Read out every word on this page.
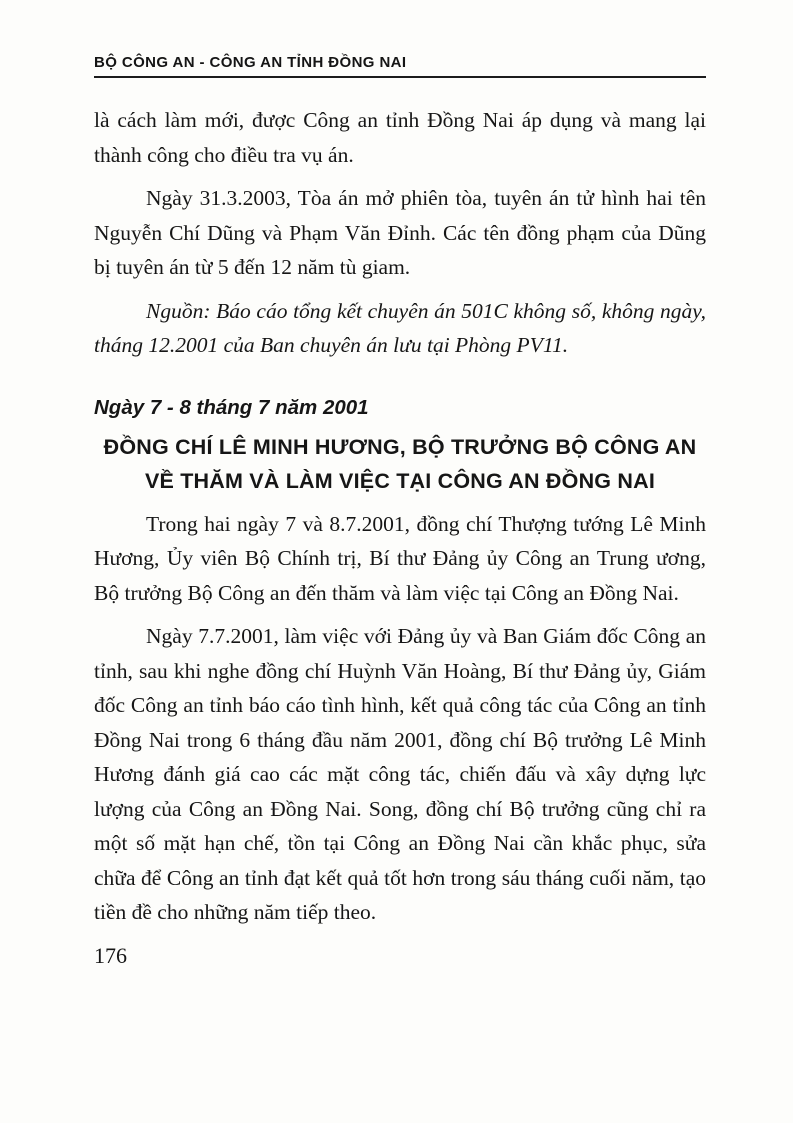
BỘ CÔNG AN - CÔNG AN TỈNH ĐỒNG NAI

là cách làm mới, được Công an tỉnh Đồng Nai áp dụng và mang lại thành công cho điều tra vụ án.

Ngày 31.3.2003, Tòa án mở phiên tòa, tuyên án tử hình hai tên Nguyễn Chí Dũng và Phạm Văn Đỉnh. Các tên đồng phạm của Dũng bị tuyên án từ 5 đến 12 năm tù giam.

Nguồn: Báo cáo tổng kết chuyên án 501C không số, không ngày, tháng 12.2001 của Ban chuyên án lưu tại Phòng PV11.

Ngày 7 - 8 tháng 7 năm 2001

ĐỒNG CHÍ LÊ MINH HƯƠNG, BỘ TRƯỞNG BỘ CÔNG AN VỀ THĂM VÀ LÀM VIỆC TẠI CÔNG AN ĐỒNG NAI

Trong hai ngày 7 và 8.7.2001, đồng chí Thượng tướng Lê Minh Hương, Ủy viên Bộ Chính trị, Bí thư Đảng ủy Công an Trung ương, Bộ trưởng Bộ Công an đến thăm và làm việc tại Công an Đồng Nai.

Ngày 7.7.2001, làm việc với Đảng ủy và Ban Giám đốc Công an tỉnh, sau khi nghe đồng chí Huỳnh Văn Hoàng, Bí thư Đảng ủy, Giám đốc Công an tỉnh báo cáo tình hình, kết quả công tác của Công an tỉnh Đồng Nai trong 6 tháng đầu năm 2001, đồng chí Bộ trưởng Lê Minh Hương đánh giá cao các mặt công tác, chiến đấu và xây dựng lực lượng của Công an Đồng Nai. Song, đồng chí Bộ trưởng cũng chỉ ra một số mặt hạn chế, tồn tại Công an Đồng Nai cần khắc phục, sửa chữa để Công an tỉnh đạt kết quả tốt hơn trong sáu tháng cuối năm, tạo tiền đề cho những năm tiếp theo.

176
